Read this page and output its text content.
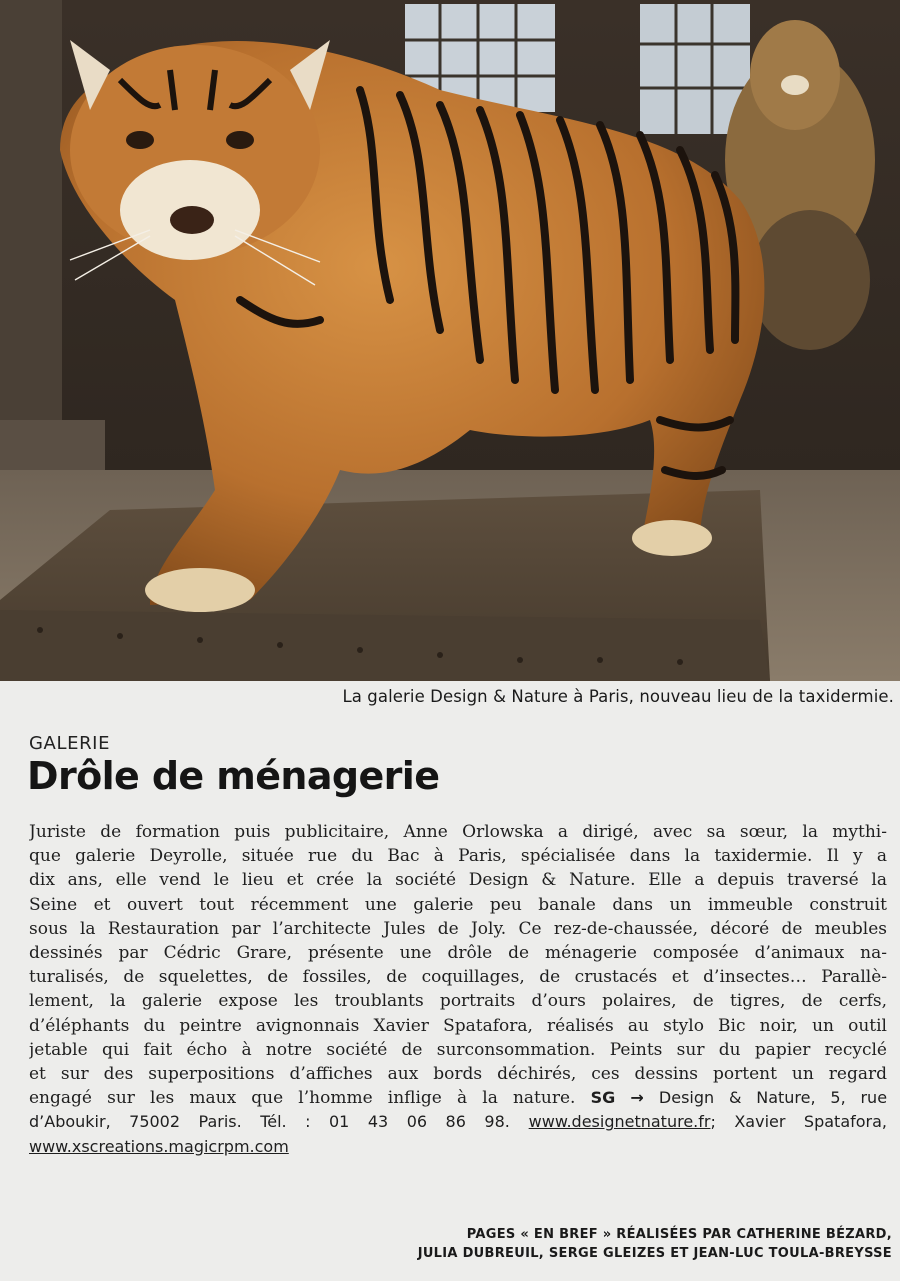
La galerie Design & Nature à Paris, nouveau lieu de la taxidermie.
GALERIE
Drôle de ménagerie
Juriste de formation puis publicitaire, Anne Orlowska a dirigé, avec sa sœur, la mythi-
que galerie Deyrolle, située rue du Bac à Paris, spécialisée dans la taxidermie. Il y a
dix ans, elle vend le lieu et crée la société Design & Nature. Elle a depuis traversé la
Seine et ouvert tout récemment une galerie peu banale dans un immeuble construit
sous la Restauration par l’architecte Jules de Joly. Ce rez-de-chaussée, décoré de meubles
dessinés par Cédric Grare, présente une drôle de ménagerie composée d’animaux na-
turalisés, de squelettes, de fossiles, de coquillages, de crustacés et d’insectes… Parallè-
lement, la galerie expose les troublants portraits d’ours polaires, de tigres, de cerfs,
d’éléphants du peintre avignonnais Xavier Spatafora, réalisés au stylo Bic noir, un outil
jetable qui fait écho à notre société de surconsommation. Peints sur du papier recyclé
et sur des superpositions d’affiches aux bords déchirés, ces dessins portent un regard
engagé sur les maux que l’homme inflige à la nature. SG → Design & Nature, 5, rue
d’Aboukir, 75002 Paris. Tél. : 01 43 06 86 98. www.designetnature.fr; Xavier Spatafora,
www.xscreations.magicrpm.com
PAGES « EN BREF » RÉALISÉES PAR CATHERINE BÉZARD,
JULIA DUBREUIL, SERGE GLEIZES ET JEAN-LUC TOULA-BREYSSE
